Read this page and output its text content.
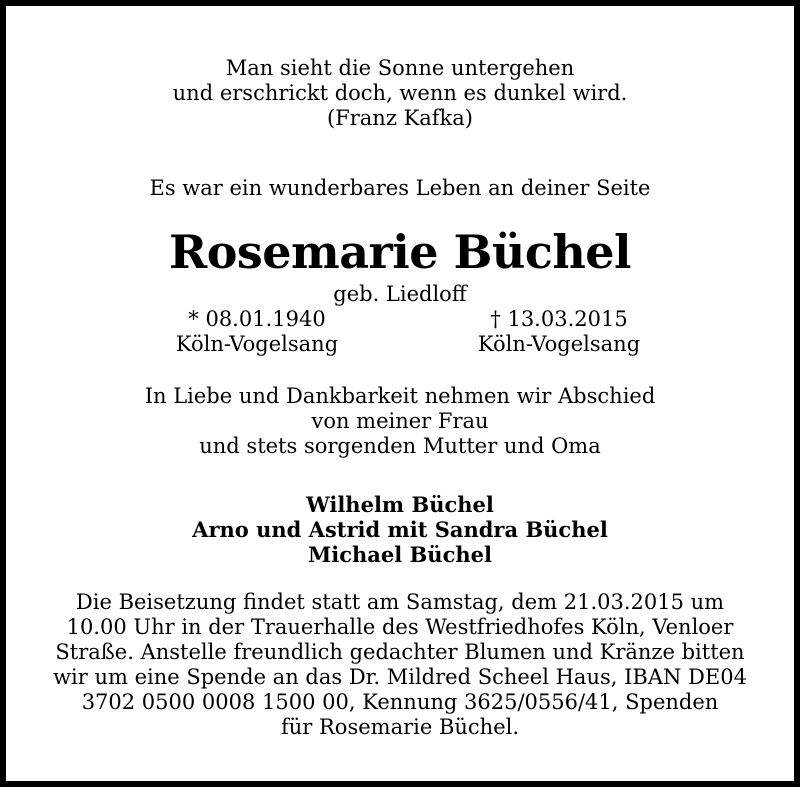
Man sieht die Sonne untergehen
und erschrickt doch, wenn es dunkel wird.
(Franz Kafka)
Es war ein wunderbares Leben an deiner Seite
Rosemarie Büchel
geb. Liedloff
* 08.01.1940
Köln-Vogelsang
† 13.03.2015
Köln-Vogelsang
In Liebe und Dankbarkeit nehmen wir Abschied
von meiner Frau
und stets sorgenden Mutter und Oma
Wilhelm Büchel
Arno und Astrid mit Sandra Büchel
Michael Büchel
Die Beisetzung findet statt am Samstag, dem 21.03.2015 um
10.00 Uhr in der Trauerhalle des Westfriedhofes Köln, Venloer
Straße. Anstelle freundlich gedachter Blumen und Kränze bitten
wir um eine Spende an das Dr. Mildred Scheel Haus, IBAN DE04
3702 0500 0008 1500 00, Kennung 3625/0556/41, Spenden
für Rosemarie Büchel.
